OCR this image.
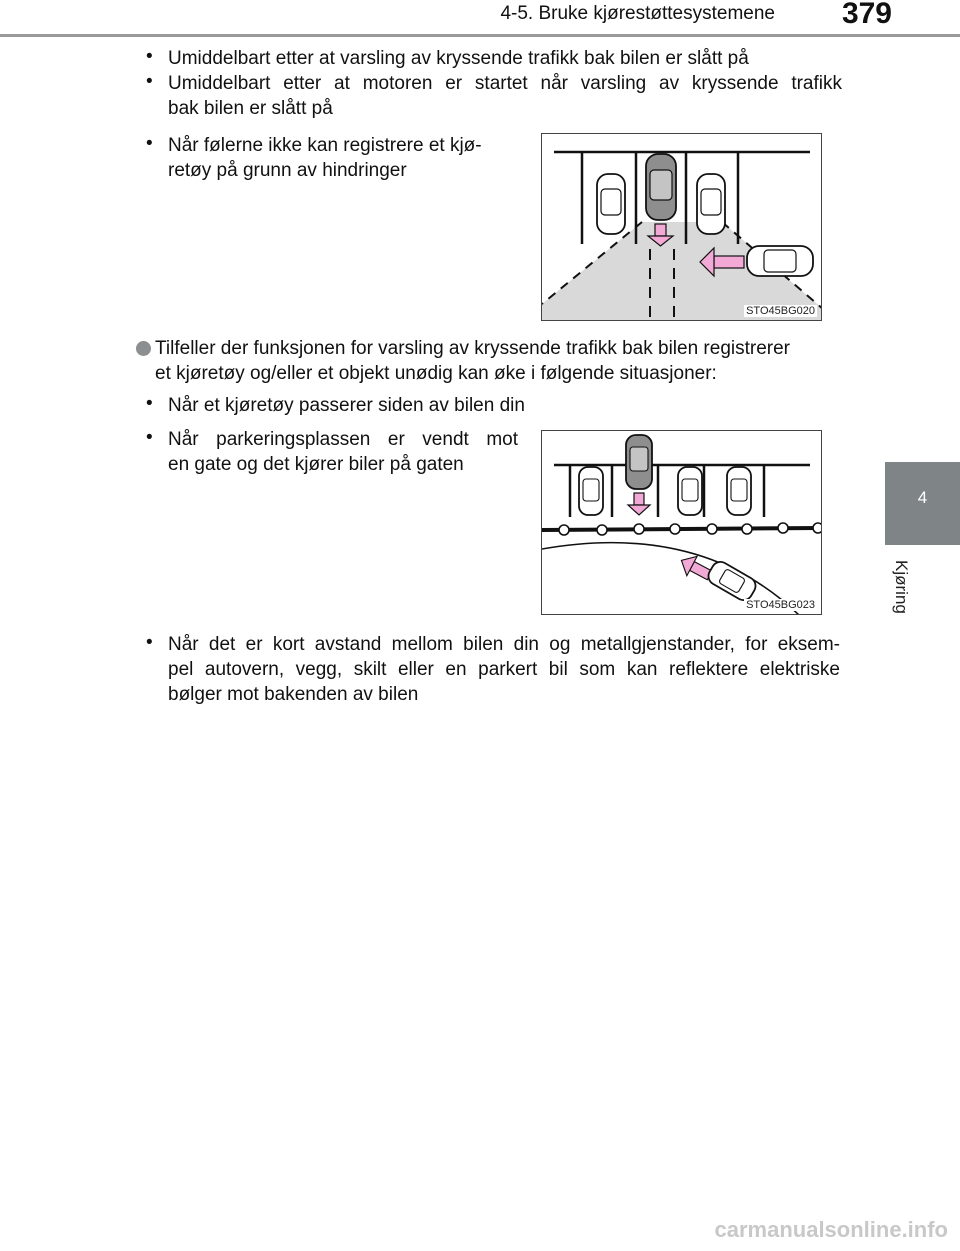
4-5. Bruke kjørestøttesystemene 379
4
Kjøring
• Umiddelbart etter at varsling av kryssende trafikk bak bilen er slått på
• Umiddelbart etter at motoren er startet når varsling av kryssende trafikk
bak bilen er slått på
• Når følerne ikke kan registrere et kjø-
retøy på grunn av hindringer
STO45BG020
Tilfeller der funksjonen for varsling av kryssende trafikk bak bilen registrerer
et kjøretøy og/eller et objekt unødig kan øke i følgende situasjoner:
• Når et kjøretøy passerer siden av bilen din
• Når parkeringsplassen er vendt mot
en gate og det kjører biler på gaten
STO45BG023
• Når det er kort avstand mellom bilen din og metallgjenstander, for eksem-
pel autovern, vegg, skilt eller en parkert bil som kan reflektere elektriske
bølger mot bakenden av bilen
carmanualsonline.info
